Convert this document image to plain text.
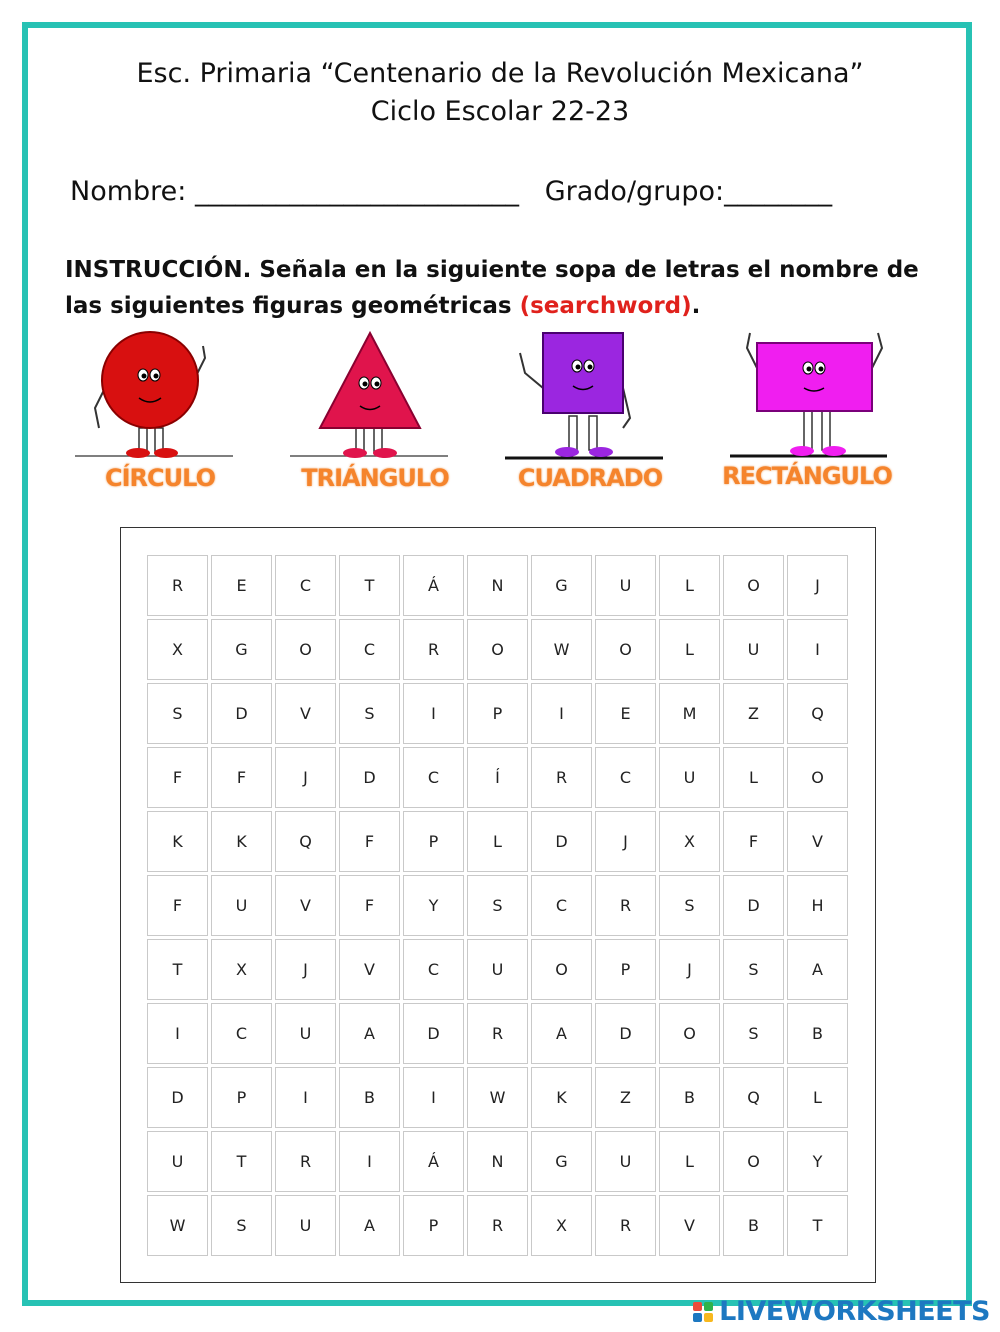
Esc. Primaria “Centenario de la Revolución Mexicana”
Ciclo Escolar 22-23
Nombre: ________________________ Grado/grupo:________
INSTRUCCIÓN. Señala en la siguiente sopa de letras el nombre de las siguientes figuras geométricas (searchword).
CÍRCULO	TRIÁNGULO	CUADRADO	RECTÁNGULO
R	E	C	T	Á	N	G	U	L	O	J
X	G	O	C	R	O	W	O	L	U	I
S	D	V	S	I	P	I	E	M	Z	Q
F	F	J	D	C	Í	R	C	U	L	O
K	K	Q	F	P	L	D	J	X	F	V
F	U	V	F	Y	S	C	R	S	D	H
T	X	J	V	C	U	O	P	J	S	A
I	C	U	A	D	R	A	D	O	S	B
D	P	I	B	I	W	K	Z	B	Q	L
U	T	R	I	Á	N	G	U	L	O	Y
W	S	U	A	P	R	X	R	V	B	T
LIVEWORKSHEETS
